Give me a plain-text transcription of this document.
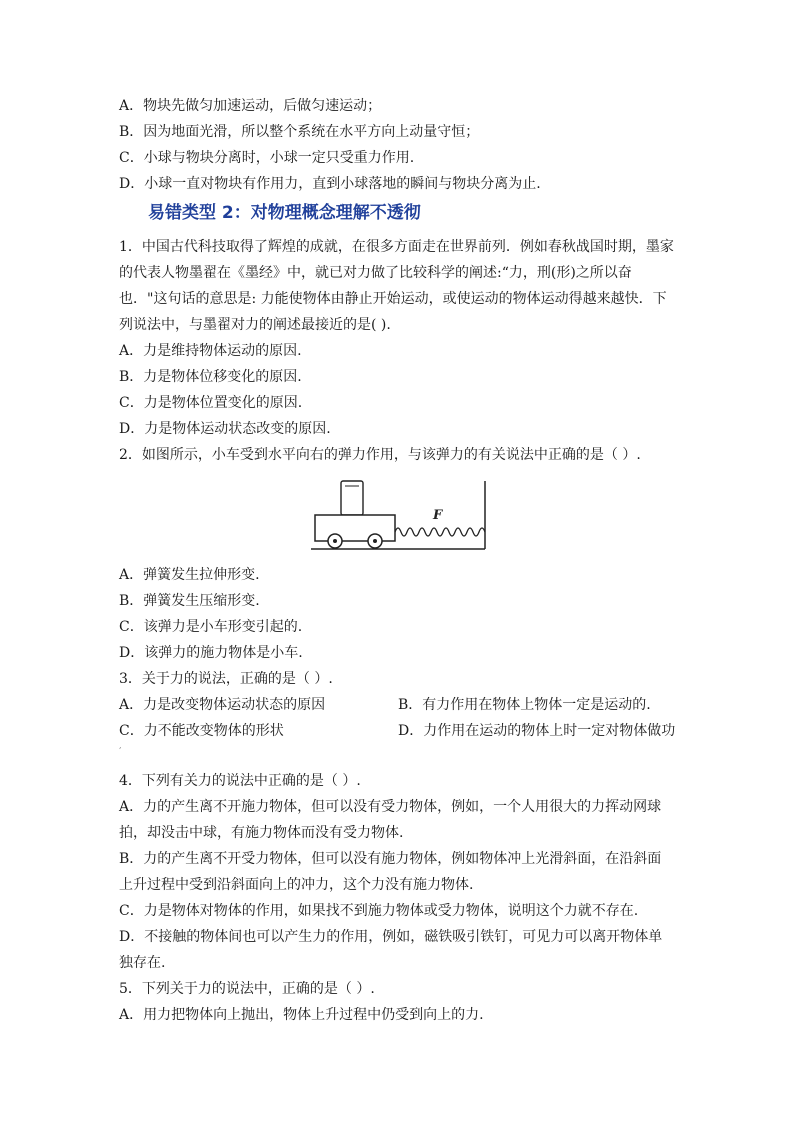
A．物块先做匀加速运动，后做匀速运动；
B．因为地面光滑，所以整个系统在水平方向上动量守恒；
C．小球与物块分离时，小球一定只受重力作用.
D．小球一直对物块有作用力，直到小球落地的瞬间与物块分离为止.
易错类型 2：对物理概念理解不透彻
1．中国古代科技取得了辉煌的成就，在很多方面走在世界前列．例如春秋战国时期，墨家
的代表人物墨翟在《墨经》中，就已对力做了比较科学的阐述:“力，刑(形)之所以奋
也．"这句话的意思是: 力能使物体由静止开始运动，或使运动的物体运动得越来越快．下
列说法中，与墨翟对力的阐述最接近的是( ).
A．力是维持物体运动的原因.
B．力是物体位移变化的原因.
C．力是物体位置变化的原因.
D．力是物体运动状态改变的原因.
2．如图所示，小车受到水平向右的弹力作用，与该弹力的有关说法中正确的是（ ）.
F
A．弹簧发生拉伸形变.
B．弹簧发生压缩形变.
C．该弹力是小车形变引起的.
D．该弹力的施力物体是小车.
3．关于力的说法，正确的是（ ）.
A．力是改变物体运动状态的原因	B．有力作用在物体上物体一定是运动的.
C．力不能改变物体的形状	D．力作用在运动的物体上时一定对物体做功
,
4．下列有关力的说法中正确的是（ ）.
A．力的产生离不开施力物体，但可以没有受力物体，例如，一个人用很大的力挥动网球
拍，却没击中球，有施力物体而没有受力物体.
B．力的产生离不开受力物体，但可以没有施力物体，例如物体冲上光滑斜面，在沿斜面
上升过程中受到沿斜面向上的冲力，这个力没有施力物体.
C．力是物体对物体的作用，如果找不到施力物体或受力物体，说明这个力就不存在.
D．不接触的物体间也可以产生力的作用，例如，磁铁吸引铁钉，可见力可以离开物体单
独存在.
5．下列关于力的说法中，正确的是（ ）.
A．用力把物体向上抛出，物体上升过程中仍受到向上的力.
